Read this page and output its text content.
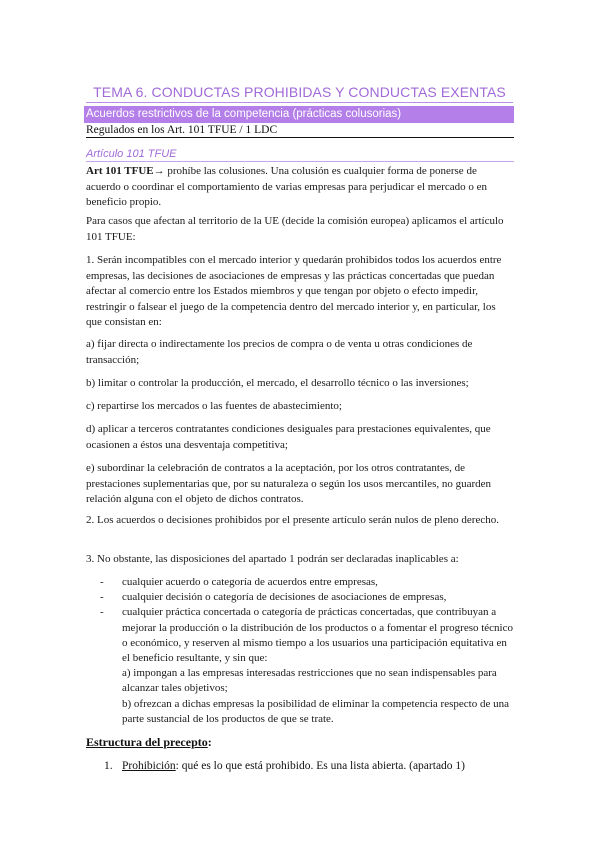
TEMA 6. CONDUCTAS PROHIBIDAS Y CONDUCTAS EXENTAS
Acuerdos restrictivos de la competencia (prácticas colusorias)
Regulados en los Art. 101 TFUE / 1 LDC
Artículo 101 TFUE

Art 101 TFUE→ prohíbe las colusiones. Una colusión es cualquier forma de ponerse de acuerdo o coordinar el comportamiento de varias empresas para perjudicar el mercado o en beneficio propio.

Para casos que afectan al territorio de la UE (decide la comisión europea) aplicamos el artículo 101 TFUE:
1. Serán incompatibles con el mercado interior y quedarán prohibidos todos los acuerdos entre empresas, las decisiones de asociaciones de empresas y las prácticas concertadas que puedan afectar al comercio entre los Estados miembros y que tengan por objeto o efecto impedir, restringir o falsear el juego de la competencia dentro del mercado interior y, en particular, los que consistan en:
a) fijar directa o indirectamente los precios de compra o de venta u otras condiciones de transacción;
b) limitar o controlar la producción, el mercado, el desarrollo técnico o las inversiones;
c) repartirse los mercados o las fuentes de abastecimiento;
d) aplicar a terceros contratantes condiciones desiguales para prestaciones equivalentes, que ocasionen a éstos una desventaja competitiva;
e) subordinar la celebración de contratos a la aceptación, por los otros contratantes, de prestaciones suplementarias que, por su naturaleza o según los usos mercantiles, no guarden relación alguna con el objeto de dichos contratos.
2. Los acuerdos o decisiones prohibidos por el presente artículo serán nulos de pleno derecho.
3. No obstante, las disposiciones del apartado 1 podrán ser declaradas inaplicables a:
-	cualquier acuerdo o categoría de acuerdos entre empresas,
-	cualquier decisión o categoría de decisiones de asociaciones de empresas,
-	cualquier práctica concertada o categoría de prácticas concertadas, que contribuyan a mejorar la producción o la distribución de los productos o a fomentar el progreso técnico o económico, y reserven al mismo tiempo a los usuarios una participación equitativa en el beneficio resultante, y sin que:
a) impongan a las empresas interesadas restricciones que no sean indispensables para alcanzar tales objetivos;
b) ofrezcan a dichas empresas la posibilidad de eliminar la competencia respecto de una parte sustancial de los productos de que se trate.
Estructura del precepto:
1. Prohibición: qué es lo que está prohibido. Es una lista abierta. (apartado 1)
